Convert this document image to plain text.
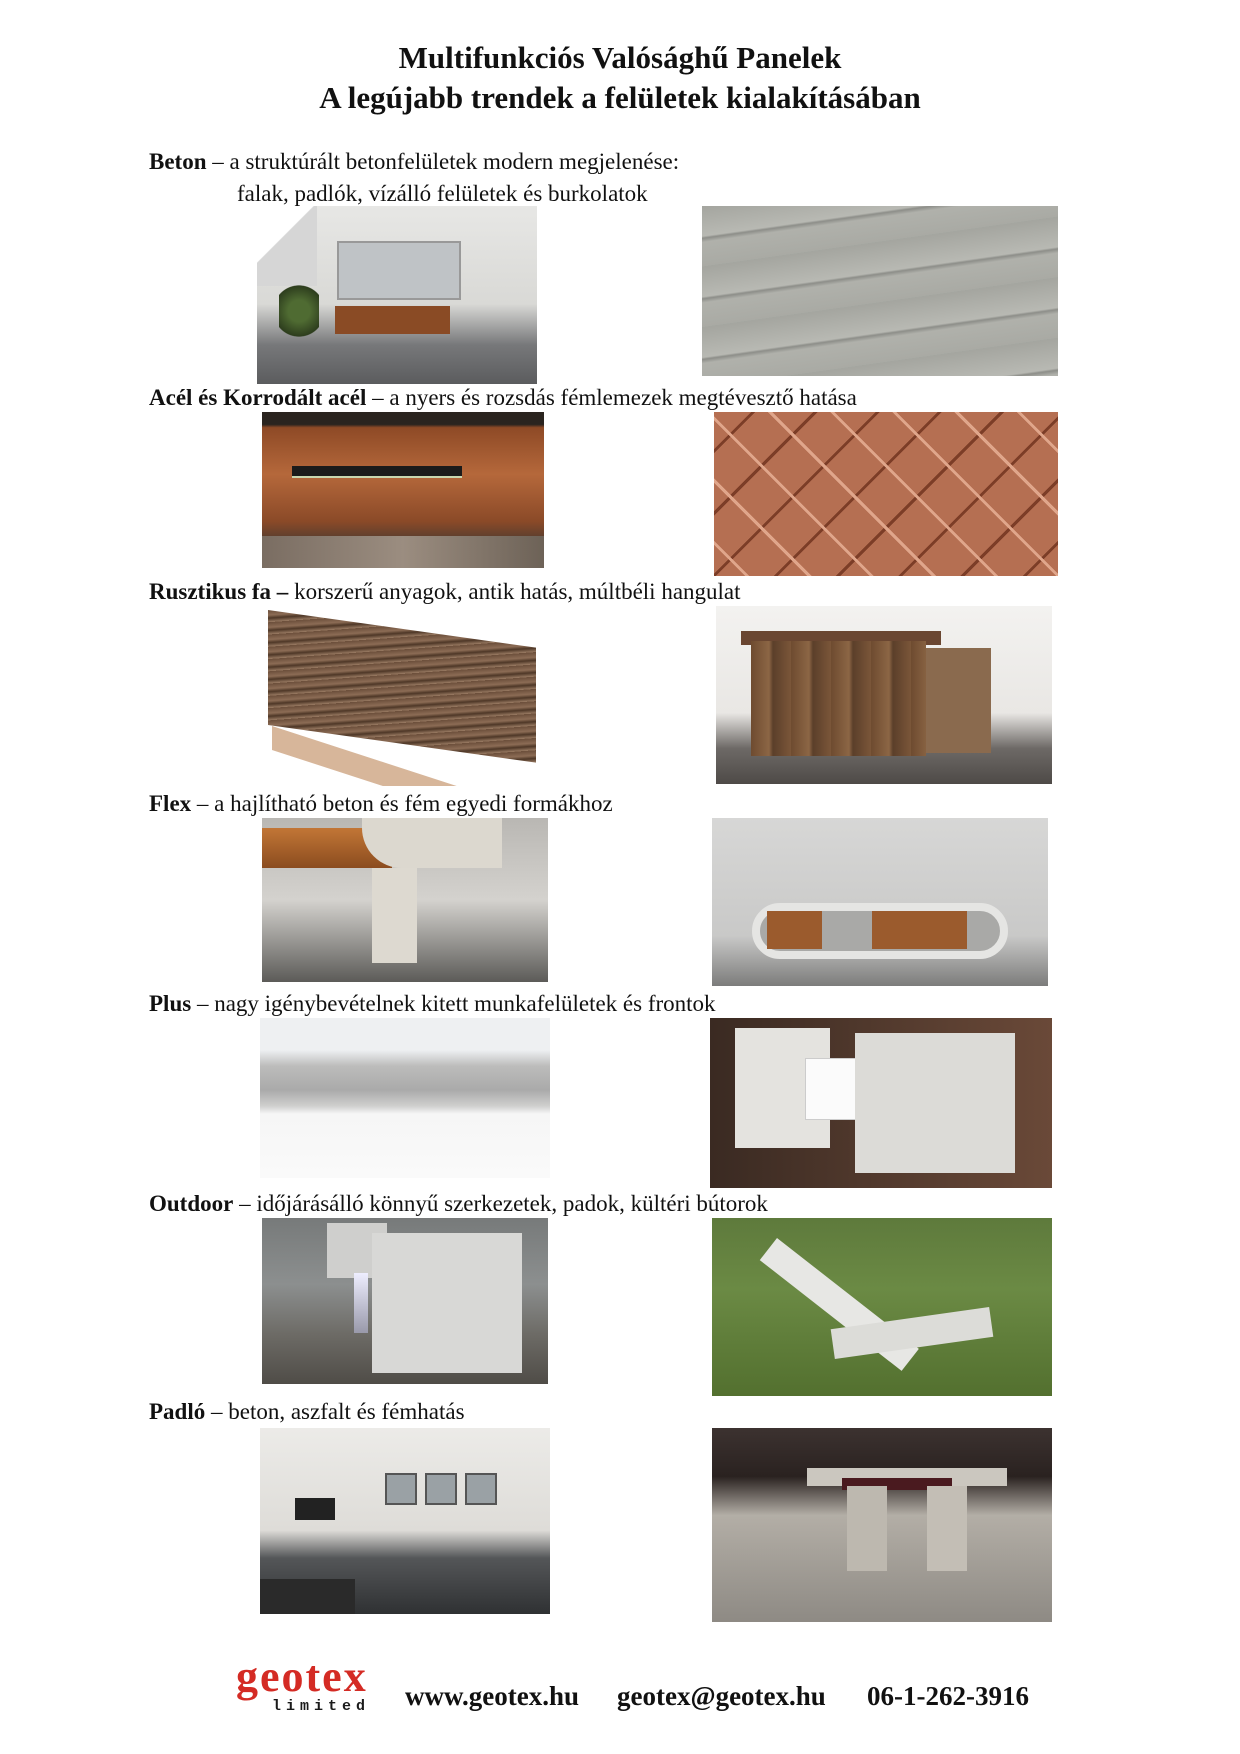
Multifunkciós Valósághű Panelek
A legújabb trendek a felületek kialakításában
Beton – a struktúrált betonfelületek modern megjelenése:
falak, padlók, vízálló felületek és burkolatok
Acél és Korrodált acél – a nyers és rozsdás fémlemezek megtévesztő hatása
Rusztikus fa – korszerű anyagok, antik hatás, múltbéli hangulat
Flex – a hajlítható beton és fém egyedi formákhoz
Plus – nagy igénybevételnek kitett munkafelületek és frontok
Outdoor – időjárásálló könnyű szerkezetek, padok, kültéri bútorok
Padló – beton, aszfalt és fémhatás
geotex
limited www.geotex.hu geotex@geotex.hu 06-1-262-3916
